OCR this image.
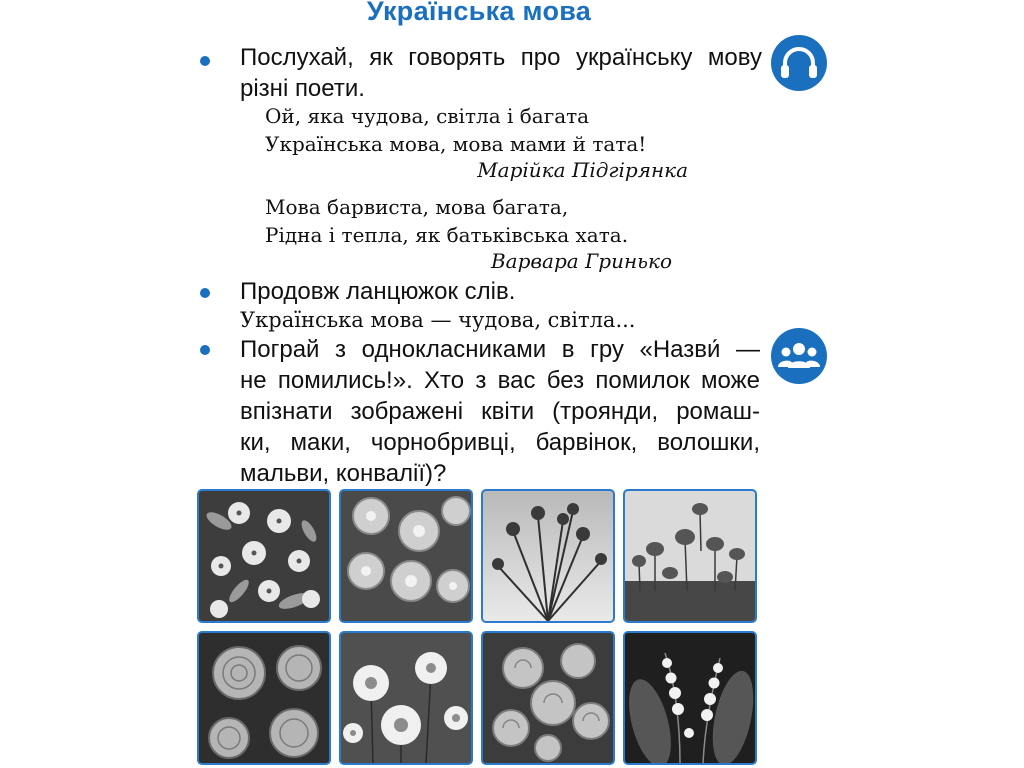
Українська мова
Послухай, як говорять про українську мову
різні поети.
Ой, яка чудова, світла і багата
Українська мова, мова мами й тата!
Марійка Підгірянка
Мова барвиста, мова багата,
Рідна і тепла, як батьківська хата.
Варвара Гринько
Продовж ланцюжок слів.
Українська мова — чудова, світла...
Пограй з однокласниками в гру «Назви́ —
не помились!». Хто з вас без помилок може
впізнати зображені квіти (троянди, ромаш-
ки, маки, чорнобривці, барвінок, волошки,
мальви, конвалії)?
